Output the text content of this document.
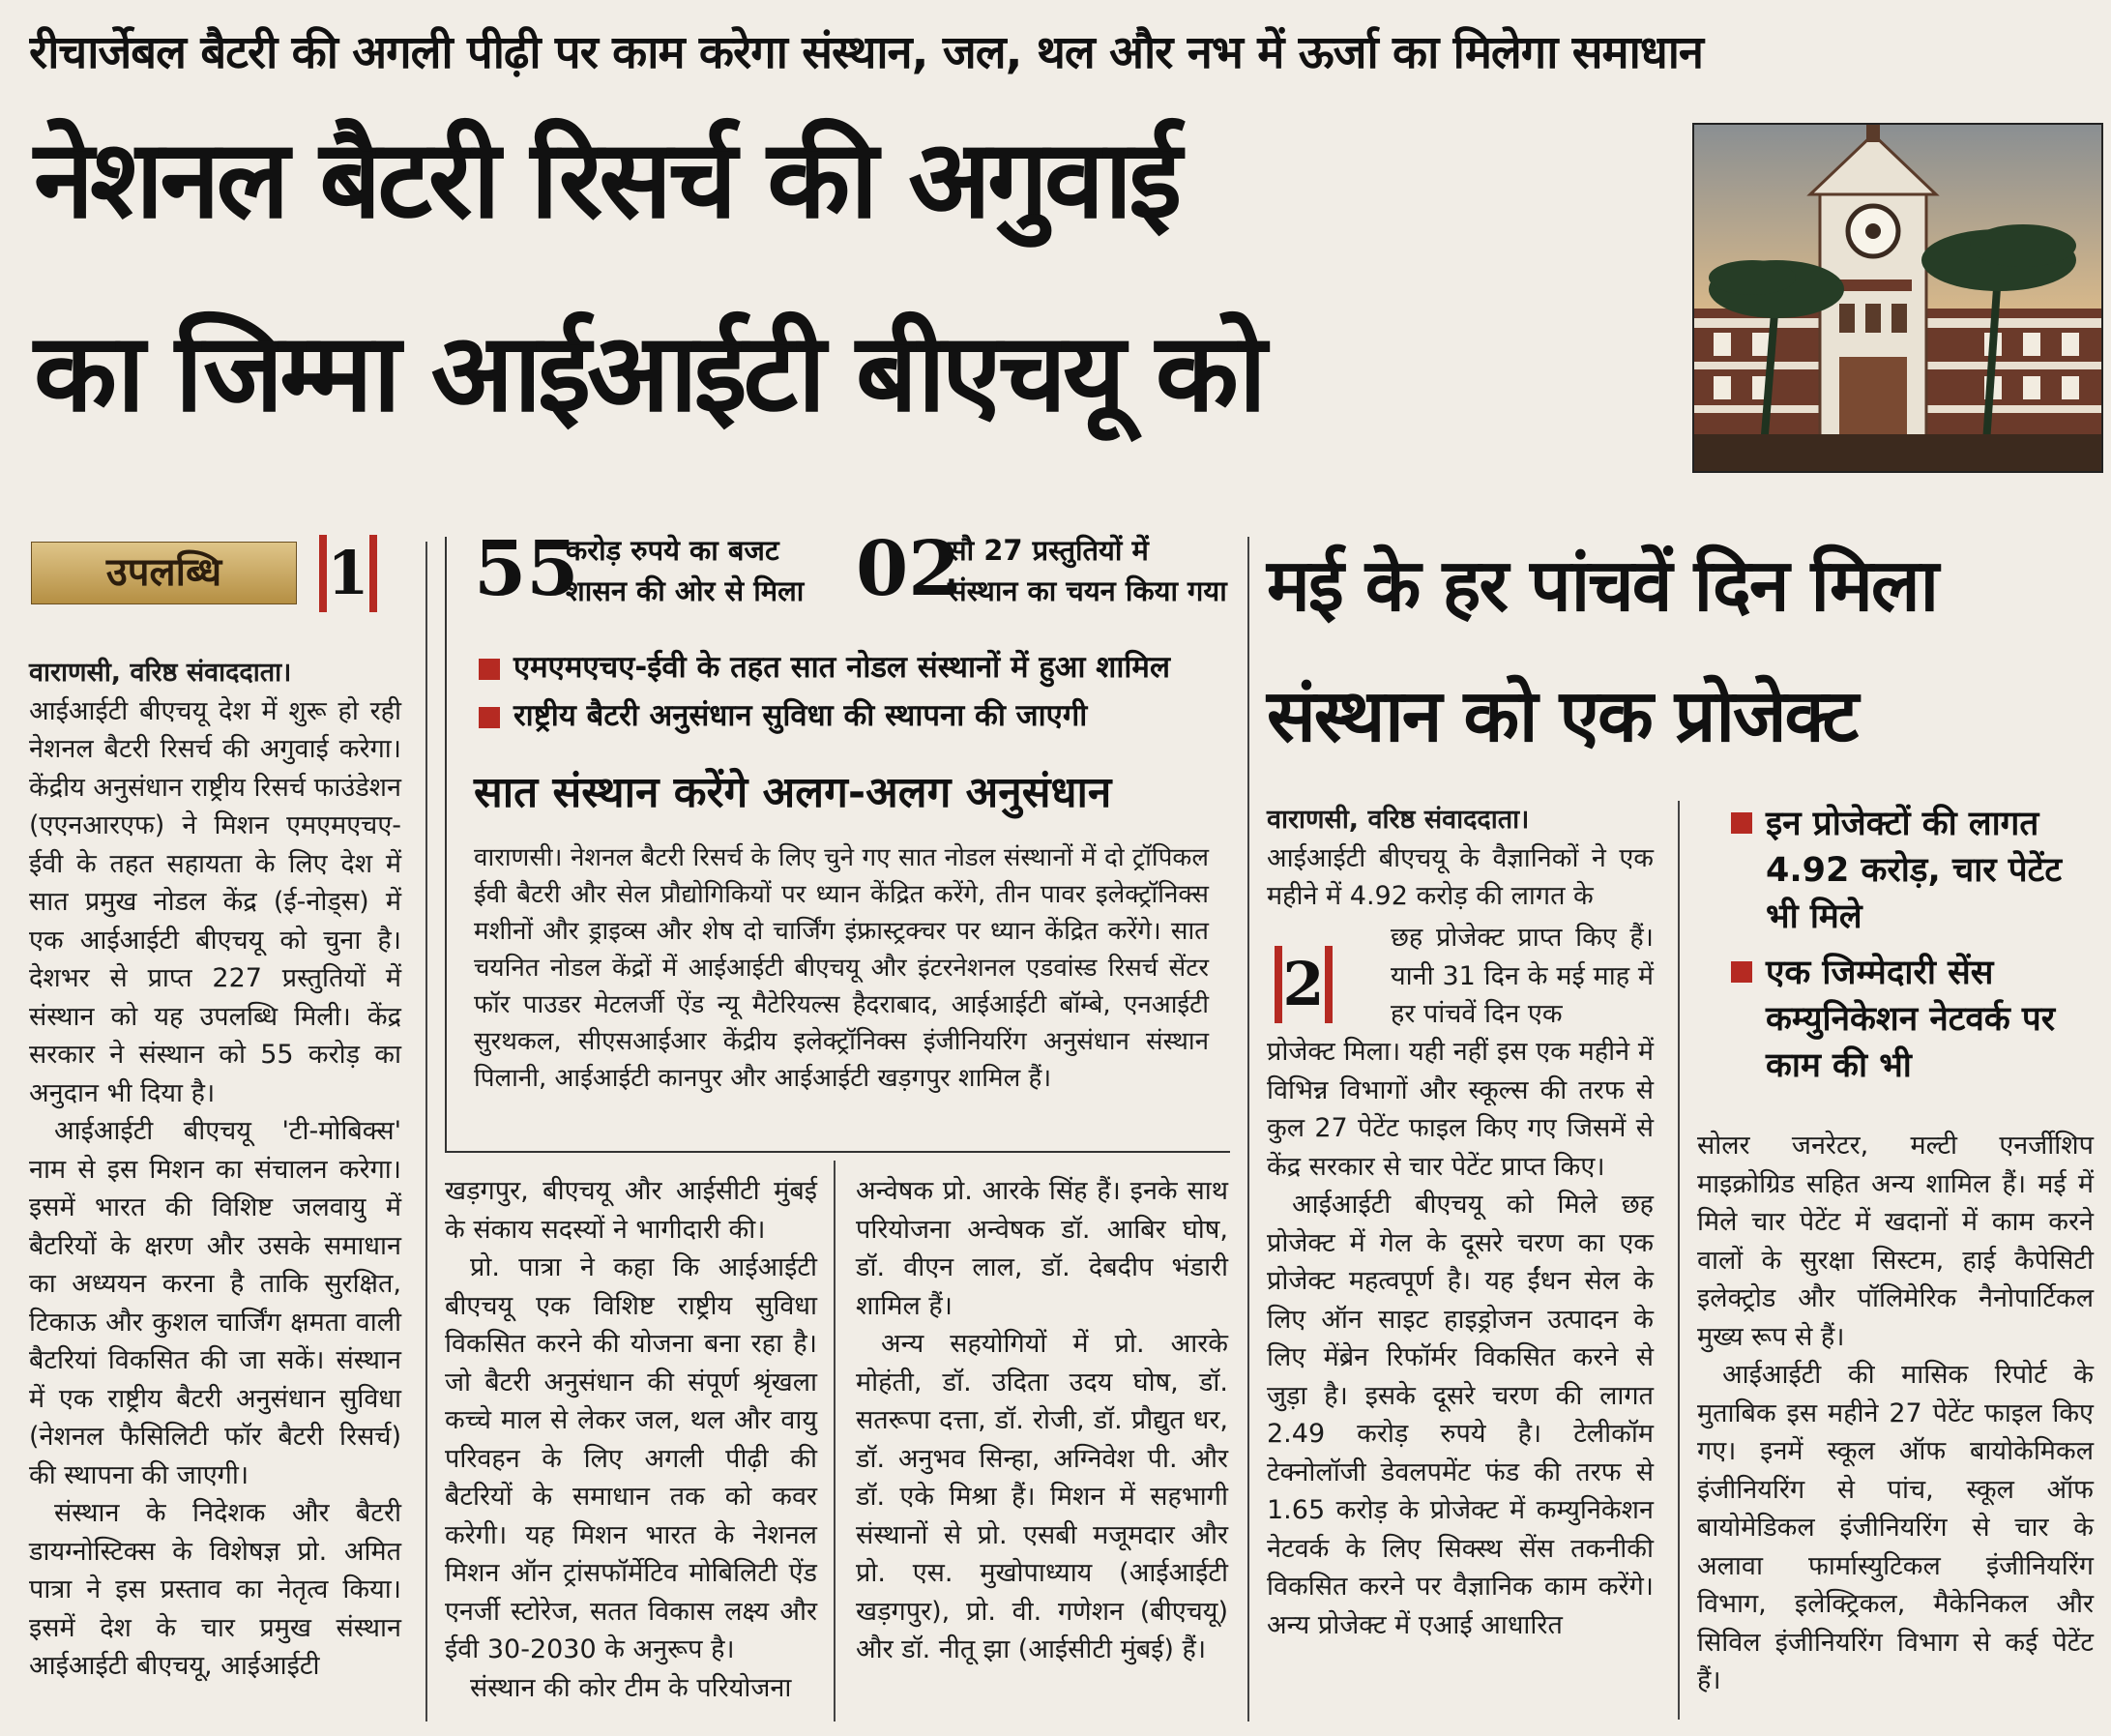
रीचार्जेबल बैटरी की अगली पीढ़ी पर काम करेगा संस्थान, जल, थल और नभ में ऊर्जा का मिलेगा समाधान
नेशनल बैटरी रिसर्च की अगुवाई
का जिम्मा आईआईटी बीएचयू को
उपलब्धि	1

वाराणसी, वरिष्ठ संवाददाता।

आईआईटी बीएचयू देश में शुरू हो रही नेशनल बैटरी रिसर्च की अगुवाई करेगा। केंद्रीय अनुसंधान राष्ट्रीय रिसर्च फाउंडेशन (एएनआरएफ) ने मिशन एमएमएचए-ईवी के तहत सहायता के लिए देश में सात प्रमुख नोडल केंद्र (ई-नोड्स) में एक आईआईटी बीएचयू को चुना है। देशभर से प्राप्त 227 प्रस्तुतियों में संस्थान को यह उपलब्धि मिली। केंद्र सरकार ने संस्थान को 55 करोड़ का अनुदान भी दिया है।

आईआईटी बीएचयू 'टी-मोबिक्स' नाम से इस मिशन का संचालन करेगा। इसमें भारत की विशिष्ट जलवायु में बैटरियों के क्षरण और उसके समाधान का अध्ययन करना है ताकि सुरक्षित, टिकाऊ और कुशल चार्जिंग क्षमता वाली बैटरियां विकसित की जा सकें। संस्थान में एक राष्ट्रीय बैटरी अनुसंधान सुविधा (नेशनल फैसिलिटी फॉर बैटरी रिसर्च) की स्थापना की जाएगी।

संस्थान के निदेशक और बैटरी डायग्नोस्टिक्स के विशेषज्ञ प्रो. अमित पात्रा ने इस प्रस्ताव का नेतृत्व किया। इसमें देश के चार प्रमुख संस्थान आईआईटी बीएचयू, आईआईटी

55
करोड़ रुपये का बजट शासन की ओर से मिला 02
सौ 27 प्रस्तुतियों में संस्थान का चयन किया गया
एमएमएचए-ईवी के तहत सात नोडल संस्थानों में हुआ शामिल
राष्ट्रीय बैटरी अनुसंधान सुविधा की स्थापना की जाएगी
सात संस्थान करेंगे अलग-अलग अनुसंधान
वाराणसी। नेशनल बैटरी रिसर्च के लिए चुने गए सात नोडल संस्थानों में दो ट्रॉपिकल ईवी बैटरी और सेल प्रौद्योगिकियों पर ध्यान केंद्रित करेंगे, तीन पावर इलेक्ट्रॉनिक्स मशीनों और ड्राइव्स और शेष दो चार्जिंग इंफ्रास्ट्रक्चर पर ध्यान केंद्रित करेंगे। सात चयनित नोडल केंद्रों में आईआईटी बीएचयू और इंटरनेशनल एडवांस्ड रिसर्च सेंटर फॉर पाउडर मेटलर्जी ऐंड न्यू मैटेरियल्स हैदराबाद, आईआईटी बॉम्बे, एनआईटी सुरथकल, सीएसआईआर केंद्रीय इलेक्ट्रॉनिक्स इंजीनियरिंग अनुसंधान संस्थान पिलानी, आईआईटी कानपुर और आईआईटी खड़गपुर शामिल हैं।

खड़गपुर, बीएचयू और आईसीटी मुंबई के संकाय सदस्यों ने भागीदारी की।

प्रो. पात्रा ने कहा कि आईआईटी बीएचयू एक विशिष्ट राष्ट्रीय सुविधा विकसित करने की योजना बना रहा है। जो बैटरी अनुसंधान की संपूर्ण श्रृंखला कच्चे माल से लेकर जल, थल और वायु परिवहन के लिए अगली पीढ़ी की बैटरियों के समाधान तक को कवर करेगी। यह मिशन भारत के नेशनल मिशन ऑन ट्रांसफॉर्मेटिव मोबिलिटी ऐंड एनर्जी स्टोरेज, सतत विकास लक्ष्य और ईवी 30-2030 के अनुरूप है।

संस्थान की कोर टीम के परियोजना

अन्वेषक प्रो. आरके सिंह हैं। इनके साथ परियोजना अन्वेषक डॉ. आबिर घोष, डॉ. वीएन लाल, डॉ. देबदीप भंडारी शामिल हैं।

अन्य सहयोगियों में प्रो. आरके मोहंती, डॉ. उदिता उदय घोष, डॉ. सतरूपा दत्ता, डॉ. रोजी, डॉ. प्रौद्युत धर, डॉ. अनुभव सिन्हा, अग्निवेश पी. और डॉ. एके मिश्रा हैं। मिशन में सहभागी संस्थानों से प्रो. एसबी मजूमदार और प्रो. एस. मुखोपाध्याय (आईआईटी खड़गपुर), प्रो. वी. गणेशन (बीएचयू) और डॉ. नीतू झा (आईसीटी मुंबई) हैं।

मई के हर पांचवें दिन मिला
संस्थान को एक प्रोजेक्ट

वाराणसी, वरिष्ठ संवाददाता।

आईआईटी बीएचयू के वैज्ञानिकों ने एक महीने में 4.92 करोड़ की लागत के

2
छह प्रोजेक्ट प्राप्त किए हैं। यानी 31 दिन के मई माह में हर पांचवें दिन एक

प्रोजेक्ट मिला। यही नहीं इस एक महीने में विभिन्न विभागों और स्कूल्स की तरफ से कुल 27 पेटेंट फाइल किए गए जिसमें से केंद्र सरकार से चार पेटेंट प्राप्त किए।

आईआईटी बीएचयू को मिले छह प्रोजेक्ट में गेल के दूसरे चरण का एक प्रोजेक्ट महत्वपूर्ण है। यह ईंधन सेल के लिए ऑन साइट हाइड्रोजन उत्पादन के लिए मेंब्रेन रिफॉर्मर विकसित करने से जुड़ा है। इसके दूसरे चरण की लागत 2.49 करोड़ रुपये है। टेलीकॉम टेक्नोलॉजी डेवलपमेंट फंड की तरफ से 1.65 करोड़ के प्रोजेक्ट में कम्युनिकेशन नेटवर्क के लिए सिक्स्थ सेंस तकनीकी विकसित करने पर वैज्ञानिक काम करेंगे। अन्य प्रोजेक्ट में एआई आधारित

इन प्रोजेक्टों की लागत 4.92 करोड़, चार पेटेंट भी मिले
एक जिम्मेदारी सेंस कम्युनिकेशन नेटवर्क पर काम की भी

सोलर जनरेटर, मल्टी एनर्जीशिप माइक्रोग्रिड सहित अन्य शामिल हैं। मई में मिले चार पेटेंट में खदानों में काम करने वालों के सुरक्षा सिस्टम, हाई कैपेसिटी इलेक्ट्रोड और पॉलिमेरिक नैनोपार्टिकल मुख्य रूप से हैं।

आईआईटी की मासिक रिपोर्ट के मुताबिक इस महीने 27 पेटेंट फाइल किए गए। इनमें स्कूल ऑफ बायोकेमिकल इंजीनियरिंग से पांच, स्कूल ऑफ बायोमेडिकल इंजीनियरिंग से चार के अलावा फार्मास्युटिकल इंजीनियरिंग विभाग, इलेक्ट्रिकल, मैकेनिकल और सिविल इंजीनियरिंग विभाग से कई पेटेंट हैं।
